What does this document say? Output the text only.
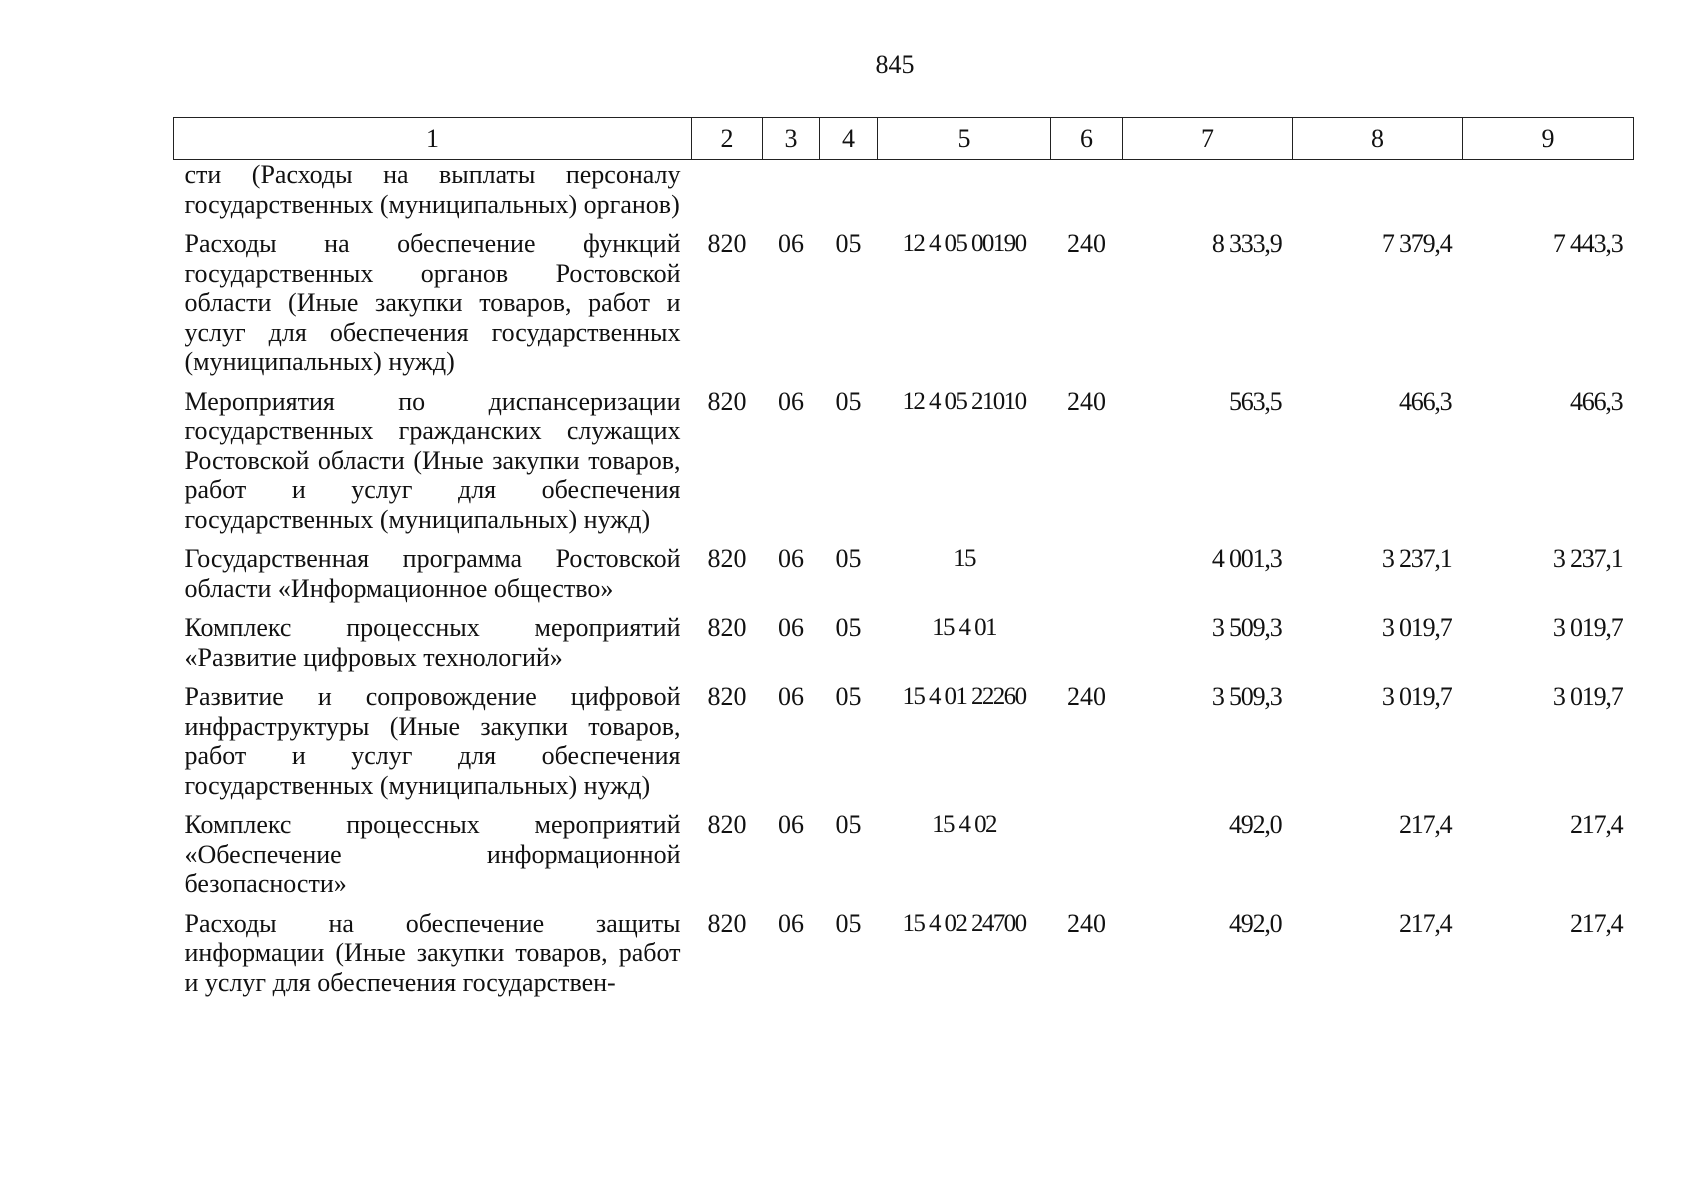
845
1	2	3	4	5	6	7	8	9
сти (Расходы на выплаты персоналу государственных (муниципальных) органов)								
Расходы на обеспечение функций государственных органов Ростовской области (Иные закупки товаров, работ и услуг для обеспечения государственных (муниципальных) нужд)	820	06	05	12 4 05 00190	240	8 333,9	7 379,4	7 443,3
Мероприятия по диспансеризации государственных гражданских служащих Ростовской области (Иные закупки товаров, работ и услуг для обеспечения государственных (муниципальных) нужд)	820	06	05	12 4 05 21010	240	563,5	466,3	466,3
Государственная программа Ростовской области «Информационное общество»	820	06	05	15		4 001,3	3 237,1	3 237,1
Комплекс процессных мероприятий «Развитие цифровых технологий»	820	06	05	15 4 01		3 509,3	3 019,7	3 019,7
Развитие и сопровождение цифровой инфраструктуры (Иные закупки товаров, работ и услуг для обеспечения государственных (муниципальных) нужд)	820	06	05	15 4 01 22260	240	3 509,3	3 019,7	3 019,7
Комплекс процессных мероприятий «Обеспечение информационной безопасности»	820	06	05	15 4 02		492,0	217,4	217,4
Расходы на обеспечение защиты информации (Иные закупки товаров, работ и услуг для обеспечения государствен-	820	06	05	15 4 02 24700	240	492,0	217,4	217,4
